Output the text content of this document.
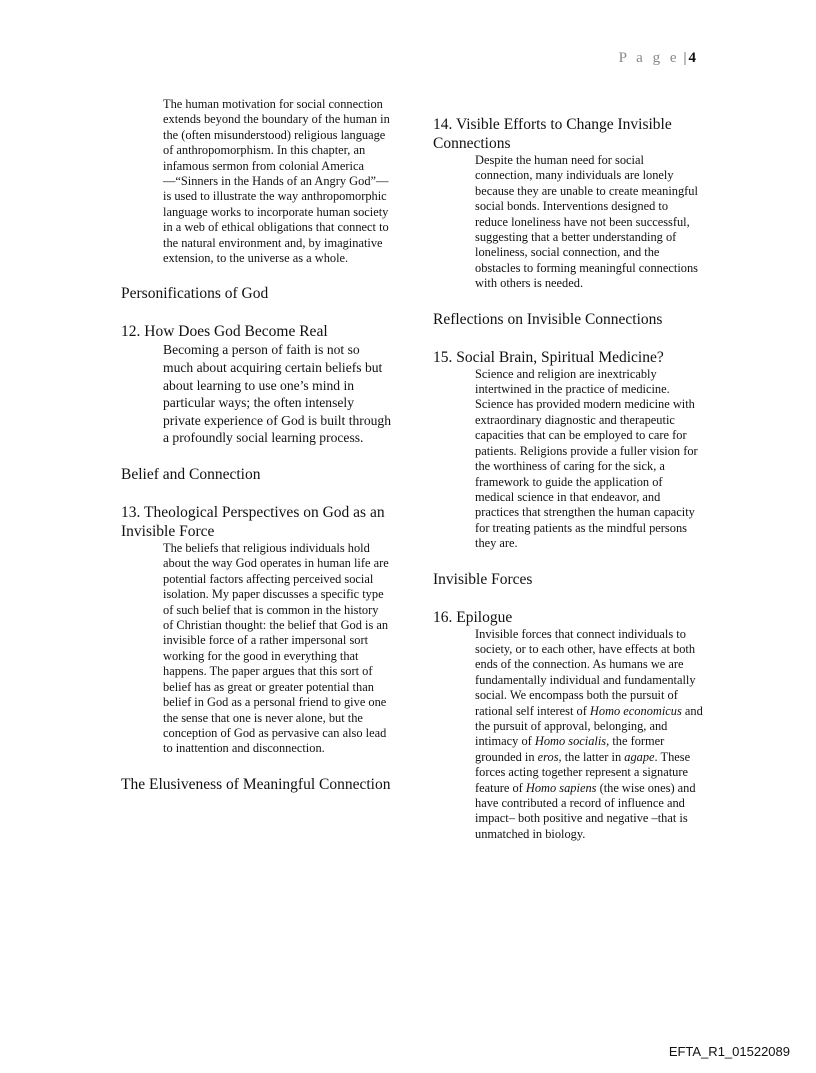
P a g e | 4

The human motivation for social connection extends beyond the boundary of the human in the (often misunderstood) religious language of anthropomorphism. In this chapter, an infamous sermon from colonial America—“Sinners in the Hands of an Angry God”—is used to illustrate the way anthropomorphic language works to incorporate human society in a web of ethical obligations that connect to the natural environment and, by imaginative extension, to the universe as a whole.

Personifications of God

12. How Does God Become Real

Becoming a person of faith is not so much about acquiring certain beliefs but about learning to use one’s mind in particular ways; the often intensely private experience of God is built through a profoundly social learning process.

Belief and Connection

13. Theological Perspectives on God as an Invisible Force

The beliefs that religious individuals hold about the way God operates in human life are potential factors affecting perceived social isolation. My paper discusses a specific type of such belief that is common in the history of Christian thought: the belief that God is an invisible force of a rather impersonal sort working for the good in everything that happens. The paper argues that this sort of belief has as great or greater potential than belief in God as a personal friend to give one the sense that one is never alone, but the conception of God as pervasive can also lead to inattention and disconnection.

The Elusiveness of Meaningful Connection

14. Visible Efforts to Change Invisible Connections

Despite the human need for social connection, many individuals are lonely because they are unable to create meaningful social bonds. Interventions designed to reduce loneliness have not been successful, suggesting that a better understanding of loneliness, social connection, and the obstacles to forming meaningful connections with others is needed.

Reflections on Invisible Connections

15. Social Brain, Spiritual Medicine?

Science and religion are inextricably intertwined in the practice of medicine. Science has provided modern medicine with extraordinary diagnostic and therapeutic capacities that can be employed to care for patients. Religions provide a fuller vision for the worthiness of caring for the sick, a framework to guide the application of medical science in that endeavor, and practices that strengthen the human capacity for treating patients as the mindful persons they are.

Invisible Forces

16. Epilogue

Invisible forces that connect individuals to society, or to each other, have effects at both ends of the connection. As humans we are fundamentally individual and fundamentally social. We encompass both the pursuit of rational self interest of Homo economicus and the pursuit of approval, belonging, and intimacy of Homo socialis, the former grounded in eros, the latter in agape. These forces acting together represent a signature feature of Homo sapiens (the wise ones) and have contributed a record of influence and impact– both positive and negative –that is unmatched in biology.

EFTA_R1_01522089
